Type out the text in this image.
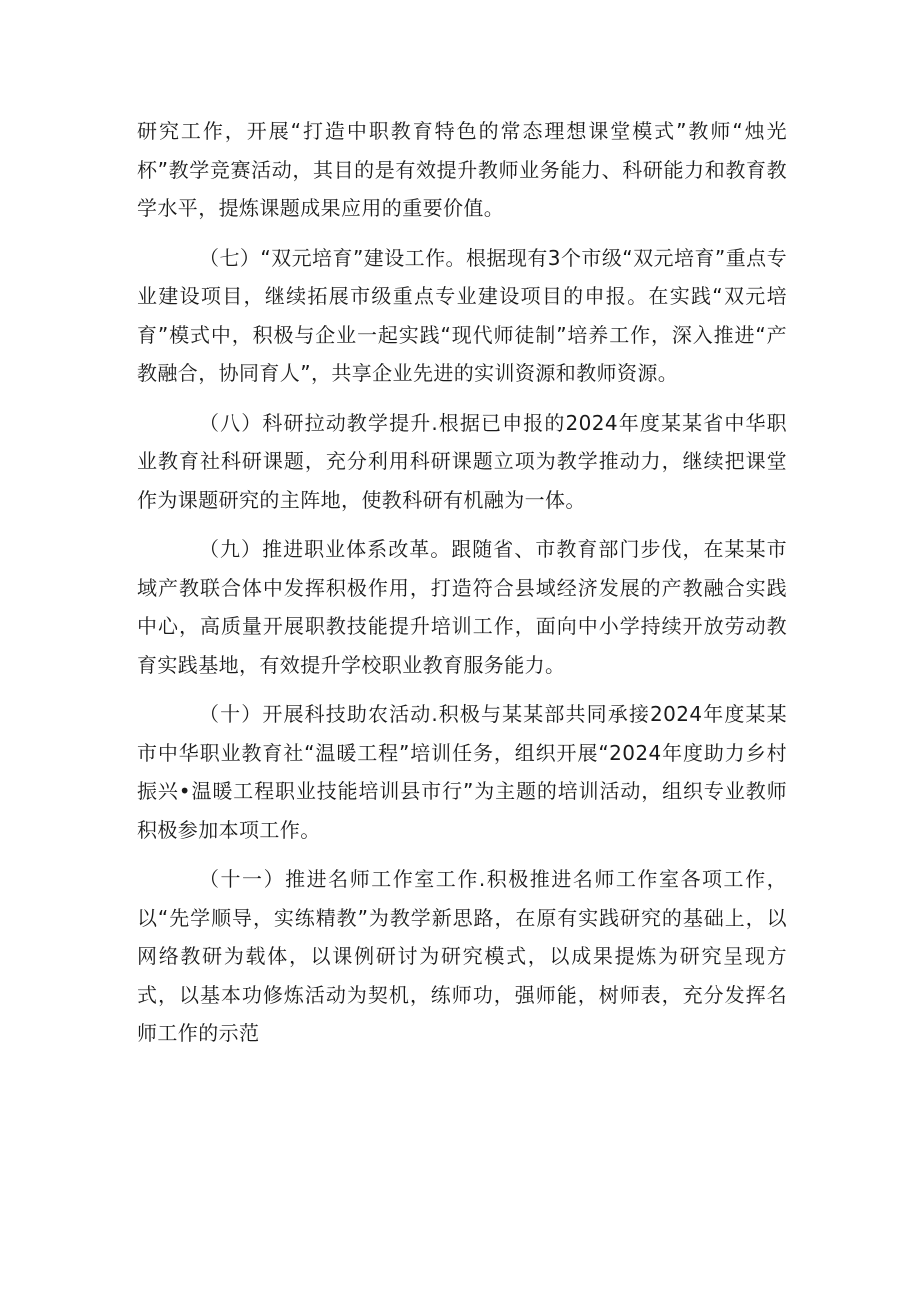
研究工作，开展“打造中职教育特色的常态理想课堂模式”教师“烛光杯”教学竞赛活动，其目的是有效提升教师业务能力、科研能力和教育教学水平，提炼课题成果应用的重要价值。

（七）“双元培育”建设工作。根据现有3个市级“双元培育”重点专业建设项目，继续拓展市级重点专业建设项目的申报。在实践“双元培育”模式中，积极与企业一起实践“现代师徒制”培养工作，深入推进“产教融合，协同育人”，共享企业先进的实训资源和教师资源。

（八）科研拉动教学提升.根据已申报的2024年度某某省中华职业教育社科研课题，充分利用科研课题立项为教学推动力，继续把课堂作为课题研究的主阵地，使教科研有机融为一体。

（九）推进职业体系改革。跟随省、市教育部门步伐，在某某市域产教联合体中发挥积极作用，打造符合县域经济发展的产教融合实践中心，高质量开展职教技能提升培训工作，面向中小学持续开放劳动教育实践基地，有效提升学校职业教育服务能力。

（十）开展科技助农活动.积极与某某部共同承接2024年度某某市中华职业教育社“温暖工程”培训任务，组织开展“2024年度助力乡村振兴•温暖工程职业技能培训县市行”为主题的培训活动，组织专业教师积极参加本项工作。

（十一）推进名师工作室工作.积极推进名师工作室各项工作，以“先学顺导，实练精教”为教学新思路，在原有实践研究的基础上，以网络教研为载体，以课例研讨为研究模式，以成果提炼为研究呈现方式，以基本功修炼活动为契机，练师功，强师能，树师表，充分发挥名师工作的示范
